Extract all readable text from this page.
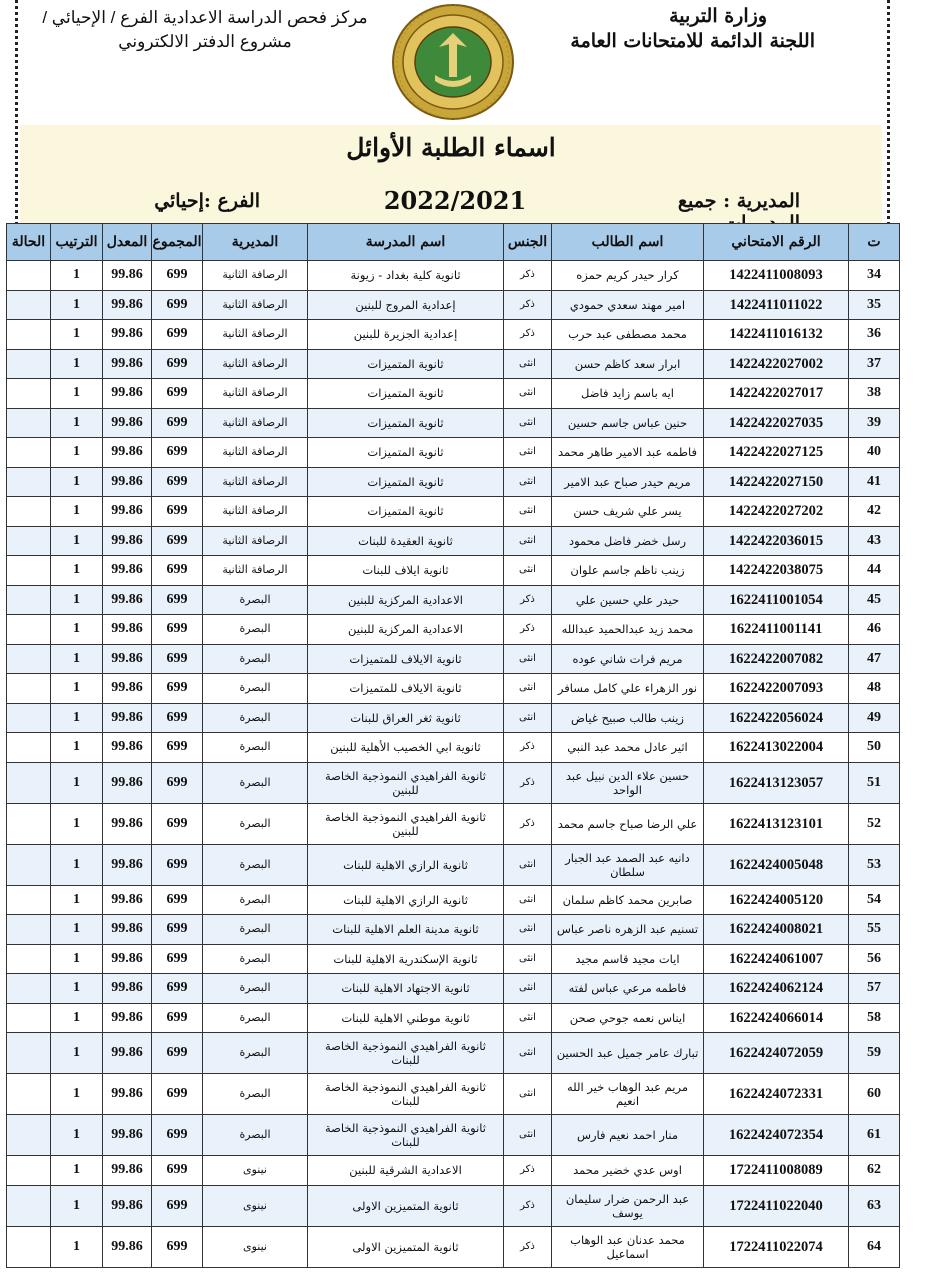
وزارة التربية
اللجنة الدائمة للامتحانات العامة
مركز فحص الدراسة الاعدادية الفرع / الإحيائي /
مشروع الدفتر الالكتروني
اسماء الطلبة الأوائل
المديرية : جميع
2022/2021
الفرع :إحيائي
ت	الرقم الامتحاني	اسم الطالب	الجنس	اسم المدرسة	المديرية	المجموع	المعدل	الترتيب	الحالة
34	1422411008093	كرار حيدر كريم حمزه	ذكر	ثانوية كلية بغداد - زيونة	الرصافة الثانية	699	99.86	1	
35	1422411011022	امير مهند سعدي حمودي	ذكر	إعدادية المروج للبنين	الرصافة الثانية	699	99.86	1	
36	1422411016132	محمد مصطفى عبد حرب	ذكر	إعدادية الجزيرة للبنين	الرصافة الثانية	699	99.86	1	
37	1422422027002	ابرار سعد كاظم حسن	انثى	ثانوية المتميزات	الرصافة الثانية	699	99.86	1	
38	1422422027017	ايه باسم زايد فاضل	انثى	ثانوية المتميزات	الرصافة الثانية	699	99.86	1	
39	1422422027035	حنين عباس جاسم حسين	انثى	ثانوية المتميزات	الرصافة الثانية	699	99.86	1	
40	1422422027125	فاطمه عبد الامير طاهر محمد	انثى	ثانوية المتميزات	الرصافة الثانية	699	99.86	1	
41	1422422027150	مريم حيدر صباح عبد الامير	انثى	ثانوية المتميزات	الرصافة الثانية	699	99.86	1	
42	1422422027202	يسر علي شريف حسن	انثى	ثانوية المتميزات	الرصافة الثانية	699	99.86	1	
43	1422422036015	رسل خضر فاضل محمود	انثى	ثانوية العقيدة للبنات	الرصافة الثانية	699	99.86	1	
44	1422422038075	زينب ناظم جاسم علوان	انثى	ثانوية ايلاف للبنات	الرصافة الثانية	699	99.86	1	
45	1622411001054	حيدر علي حسين علي	ذكر	الاعدادية المركزية للبنين	البصرة	699	99.86	1	
46	1622411001141	محمد زيد عبدالحميد عبدالله	ذكر	الاعدادية المركزية للبنين	البصرة	699	99.86	1	
47	1622422007082	مريم فرات شاني عوده	انثى	ثانوية الايلاف للمتميزات	البصرة	699	99.86	1	
48	1622422007093	نور الزهراء علي كامل مسافر	انثى	ثانوية الايلاف للمتميزات	البصرة	699	99.86	1	
49	1622422056024	زينب طالب صبيح غياض	انثى	ثانوية ثغر العراق للبنات	البصرة	699	99.86	1	
50	1622413022004	اثير عادل محمد عبد النبي	ذكر	ثانوية ابي الخصيب الأهلية للبنين	البصرة	699	99.86	1	
51	1622413123057	حسين علاء الدين نبيل عبد الواحد	ذكر	ثانوية الفراهيدي النموذجية الخاصة للبنين	البصرة	699	99.86	1	
52	1622413123101	علي الرضا صباح جاسم محمد	ذكر	ثانوية الفراهيدي النموذجية الخاصة للبنين	البصرة	699	99.86	1	
53	1622424005048	دانيه عبد الصمد عبد الجبار سلطان	انثى	ثانوية الرازي الاهلية للبنات	البصرة	699	99.86	1	
54	1622424005120	صابرين محمد كاظم سلمان	انثى	ثانوية الرازي الاهلية للبنات	البصرة	699	99.86	1	
55	1622424008021	تسنيم عبد الزهره ناصر عباس	انثى	ثانوية مدينة العلم الاهلية للبنات	البصرة	699	99.86	1	
56	1622424061007	ايات مجيد قاسم مجيد	انثى	ثانوية الإسكندرية الاهلية للبنات	البصرة	699	99.86	1	
57	1622424062124	فاطمه مرعي عباس لفته	انثى	ثانوية الاجتهاد الاهلية للبنات	البصرة	699	99.86	1	
58	1622424066014	ايناس نعمه جوحي صحن	انثى	ثانوية موطني الاهلية للبنات	البصرة	699	99.86	1	
59	1622424072059	تبارك عامر جميل عبد الحسين	انثى	ثانوية الفراهيدي النموذجية الخاصة للبنات	البصرة	699	99.86	1	
60	1622424072331	مريم عبد الوهاب خير الله انعيم	انثى	ثانوية الفراهيدي النموذجية الخاصة للبنات	البصرة	699	99.86	1	
61	1622424072354	منار احمد نعيم فارس	انثى	ثانوية الفراهيدي النموذجية الخاصة للبنات	البصرة	699	99.86	1	
62	1722411008089	اوس عدي خضير محمد	ذكر	الاعدادية الشرقية للبنين	نينوى	699	99.86	1	
63	1722411022040	عبد الرحمن ضرار سليمان يوسف	ذكر	ثانوية المتميزين الاولى	نينوى	699	99.86	1	
64	1722411022074	محمد عدنان عبد الوهاب اسماعيل	ذكر	ثانوية المتميزين الاولى	نينوى	699	99.86	1	
